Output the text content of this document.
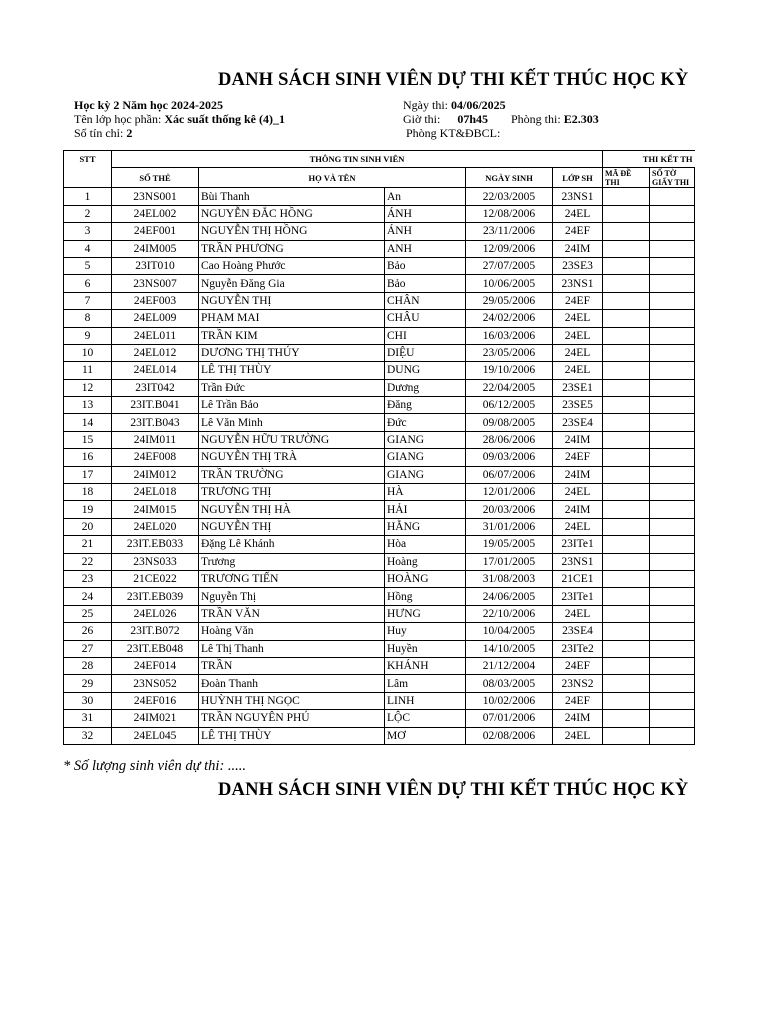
DANH SÁCH SINH VIÊN DỰ THI KẾT THÚC HỌC KỲ
Học kỳ 2 Năm học 2024-2025
Tên lớp học phần: Xác suất thống kê (4)_1
Số tín chỉ: 2
Ngày thi: 04/06/2025
Giờ thi: 07h45 Phòng thi: E2.303
Phòng KT&ĐBCL:
STT	THÔNG TIN SINH VIÊN					THI KẾT TH	
	SỐ THẺ	HỌ VÀ TÊN		NGÀY SINH	LỚP SH	MÃ ĐỀ THI	SỐ TỜ GIẤY THI
1	23NS001	Bùi Thanh	An	22/03/2005	23NS1		
2	24EL002	NGUYỄN ĐẮC HỒNG	ÁNH	12/08/2006	24EL		
3	24EF001	NGUYỄN THỊ HỒNG	ÁNH	23/11/2006	24EF		
4	24IM005	TRẦN PHƯƠNG	ANH	12/09/2006	24IM		
5	23IT010	Cao Hoàng Phước	Bảo	27/07/2005	23SE3		
6	23NS007	Nguyễn Đăng Gia	Bảo	10/06/2005	23NS1		
7	24EF003	NGUYỄN THỊ	CHÂN	29/05/2006	24EF		
8	24EL009	PHẠM MAI	CHÂU	24/02/2006	24EL		
9	24EL011	TRẦN KIM	CHI	16/03/2006	24EL		
10	24EL012	DƯƠNG THỊ THÚY	DIỆU	23/05/2006	24EL		
11	24EL014	LÊ THỊ THÙY	DUNG	19/10/2006	24EL		
12	23IT042	Trần Đức	Dương	22/04/2005	23SE1		
13	23IT.B041	Lê Trần Bảo	Đăng	06/12/2005	23SE5		
14	23IT.B043	Lê Văn Minh	Đức	09/08/2005	23SE4		
15	24IM011	NGUYỄN HỮU TRƯỜNG	GIANG	28/06/2006	24IM		
16	24EF008	NGUYỄN THỊ TRÀ	GIANG	09/03/2006	24EF		
17	24IM012	TRẦN TRƯỜNG	GIANG	06/07/2006	24IM		
18	24EL018	TRƯƠNG THỊ	HÀ	12/01/2006	24EL		
19	24IM015	NGUYỄN THỊ HÀ	HẢI	20/03/2006	24IM		
20	24EL020	NGUYỄN THỊ	HẰNG	31/01/2006	24EL		
21	23IT.EB033	Đặng Lê Khánh	Hòa	19/05/2005	23ITe1		
22	23NS033	Trương	Hoàng	17/01/2005	23NS1		
23	21CE022	TRƯƠNG TIẾN	HOÀNG	31/08/2003	21CE1		
24	23IT.EB039	Nguyễn Thị	Hồng	24/06/2005	23ITe1		
25	24EL026	TRẦN VĂN	HƯNG	22/10/2006	24EL		
26	23IT.B072	Hoàng Văn	Huy	10/04/2005	23SE4		
27	23IT.EB048	Lê Thị Thanh	Huyền	14/10/2005	23ITe2		
28	24EF014	TRẦN	KHÁNH	21/12/2004	24EF		
29	23NS052	Đoàn Thanh	Lâm	08/03/2005	23NS2		
30	24EF016	HUỲNH THỊ NGỌC	LINH	10/02/2006	24EF		
31	24IM021	TRẦN NGUYÊN PHÚ	LỘC	07/01/2006	24IM		
32	24EL045	LÊ THỊ THÙY	MƠ	02/08/2006	24EL		
* Số lượng sinh viên dự thi: .....
DANH SÁCH SINH VIÊN DỰ THI KẾT THÚC HỌC KỲ
